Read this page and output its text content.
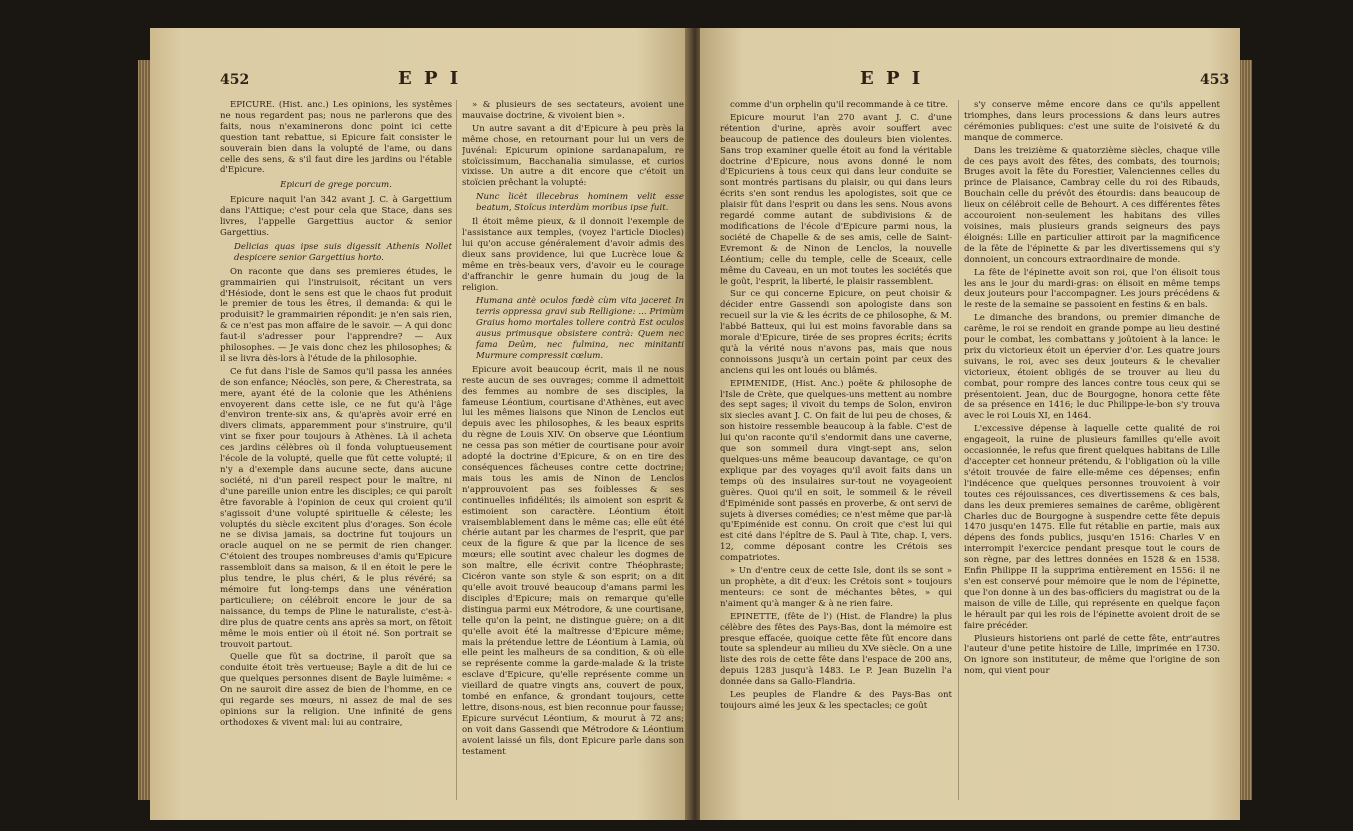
452	E P I

EPICURE. (Hist. anc.) Les opinions, les systêmes ne nous regardent pas; nous ne parlerons que des faits, nous n'examinerons donc point ici cette question tant rebattue, si Epicure fait consister le souverain bien dans la volupté de l'ame, ou dans celle des sens, & s'il faut dire les jardins ou l'étable d'Epicure.

Epicuri de grege porcum.

Epicure naquit l'an 342 avant J. C. à Gargettium dans l'Attique; c'est pour cela que Stace, dans ses livres, l'appelle Gargettius auctor & senior Gargettius.

Delicias quas ipse suis digessit Athenis Nollet despicere senior Gargettius horto.

On raconte que dans ses premieres études, le grammairien qui l'instruisoit, récitant un vers d'Hésiode, dont le sens est que le chaos fut produit le premier de tous les êtres, il demanda: & qui le produisit? le grammairien répondit: je n'en sais rien, & ce n'est pas mon affaire de le savoir. — A qui donc faut-il s'adresser pour l'apprendre? — Aux philosophes. — Je vais donc chez les philosophes; & il se livra dès-lors à l'étude de la philosophie.

Ce fut dans l'isle de Samos qu'il passa les années de son enfance; Néoclès, son pere, & Cherestrata, sa mere, ayant été de la colonie que les Athéniens envoyerent dans cette isle, ce ne fut qu'à l'âge d'environ trente-six ans, & qu'après avoir erré en divers climats, apparemment pour s'instruire, qu'il vint se fixer pour toujours à Athènes. Là il acheta ces jardins célèbres où il fonda voluptueusement l'école de la volupté, quelle que fût cette volupté; il n'y a d'exemple dans aucune secte, dans aucune société, ni d'un pareil respect pour le maître, ni d'une pareille union entre les disciples; ce qui paroît être favorable à l'opinion de ceux qui croient qu'il s'agissoit d'une volupté spirituelle & céleste; les voluptés du siècle excitent plus d'orages. Son école ne se divisa jamais, sa doctrine fut toujours un oracle auquel on ne se permit de rien changer. C'étoient des troupes nombreuses d'amis qu'Epicure rassembloit dans sa maison, & il en étoit le pere le plus tendre, le plus chéri, & le plus révéré; sa mémoire fut long-temps dans une vénération particuliere; on célébroit encore le jour de sa naissance, du temps de Pline le naturaliste, c'est-à-dire plus de quatre cents ans après sa mort, on fêtoit même le mois entier où il étoit né. Son portrait se trouvoit partout.

Quelle que fût sa doctrine, il paroît que sa conduite étoit très vertueuse; Bayle a dit de lui ce que quelques personnes disent de Bayle luimême: « On ne sauroit dire assez de bien de l'homme, en ce qui regarde ses mœurs, ni assez de mal de ses opinions sur la religion. Une infinité de gens orthodoxes & vivent mal: lui au contraire,

» & plusieurs de ses sectateurs, avoient une mauvaise doctrine, & vivoient bien ».

Un autre savant a dit d'Epicure à peu près la même chose, en retournant pour lui un vers de Juvénal: Epicurum opinione sardanapalum, re stoïcissimum, Bacchanalia simulasse, et curios vixisse. Un autre a dit encore que c'étoit un stoïcien prêchant la volupté:

Nunc licèt illecebras hominem velit esse beatum, Stoïcus interdùm moribus ipse fuit.

Il étoit même pieux, & il donnoit l'exemple de l'assistance aux temples, (voyez l'article Diocles) lui qu'on accuse généralement d'avoir admis des dieux sans providence, lui que Lucrèce loue & même en très-beaux vers, d'avoir eu le courage d'affranchir le genre humain du joug de la religion.

Humana antè oculos fœdè cùm vita jaceret In terris oppressa gravi sub Relligione: ... Primùm Graius homo mortales tollere contrà Est oculos ausus primusque obsistere contrà: Quem nec fama Deûm, nec fulmina, nec minitanti Murmure compressit cœlum.

Epicure avoit beaucoup écrit, mais il ne nous reste aucun de ses ouvrages; comme il admettoit des femmes au nombre de ses disciples, la fameuse Léontium, courtisane d'Athènes, eut avec lui les mêmes liaisons que Ninon de Lenclos eut depuis avec les philosophes, & les beaux esprits du règne de Louis XIV. On observe que Léontium ne cessa pas son métier de courtisane pour avoir adopté la doctrine d'Epicure, & on en tire des conséquences fâcheuses contre cette doctrine; mais tous les amis de Ninon de Lenclos n'approuvoient pas ses foiblesses & ses continuelles infidélités; ils aimoient son esprit & estimoient son caractère. Léontium étoit vraisemblablement dans le même cas; elle eût été chérie autant par les charmes de l'esprit, que par ceux de la figure & que par la licence de ses mœurs; elle soutint avec chaleur les dogmes de son maître, elle écrivit contre Théophraste; Cicéron vante son style & son esprit; on a dit qu'elle avoit trouvé beaucoup d'amans parmi les disciples d'Epicure; mais on remarque qu'elle distingua parmi eux Métrodore, & une courtisane, telle qu'on la peint, ne distingue guère; on a dit qu'elle avoit été la maîtresse d'Epicure même; mais la prétendue lettre de Léontium à Lamia, où elle peint les malheurs de sa condition, & où elle se représente comme la garde-malade & la triste esclave d'Epicure, qu'elle représente comme un vieillard de quatre vingts ans, couvert de poux, tombé en enfance, & grondant toujours, cette lettre, disons-nous, est bien reconnue pour fausse; Epicure survécut Léontium, & mourut à 72 ans; on voit dans Gassendi que Métrodore & Léontium avoient laissé un fils, dont Epicure parle dans son testament

E P I	453

comme d'un orphelin qu'il recommande à ce titre.

Epicure mourut l'an 270 avant J. C. d'une rétention d'urine, après avoir souffert avec beaucoup de patience des douleurs bien violentes. Sans trop examiner quelle étoit au fond la véritable doctrine d'Epicure, nous avons donné le nom d'Epicuriens à tous ceux qui dans leur conduite se sont montrés partisans du plaisir, ou qui dans leurs écrits s'en sont rendus les apologistes, soit que ce plaisir fût dans l'esprit ou dans les sens. Nous avons regardé comme autant de subdivisions & de modifications de l'école d'Epicure parmi nous, la société de Chapelle & de ses amis, celle de Saint-Evremont & de Ninon de Lenclos, la nouvelle Léontium; celle du temple, celle de Sceaux, celle même du Caveau, en un mot toutes les sociétés que le goût, l'esprit, la liberté, le plaisir rassemblent.

Sur ce qui concerne Epicure, on peut choisir & décider entre Gassendi son apologiste dans son recueil sur la vie & les écrits de ce philosophe, & M. l'abbé Batteux, qui lui est moins favorable dans sa morale d'Epicure, tirée de ses propres écrits; écrits qu'à la vérité nous n'avons pas, mais que nous connoissons jusqu'à un certain point par ceux des anciens qui les ont loués ou blâmés.

EPIMENIDE, (Hist. Anc.) poëte & philosophe de l'Isle de Crète, que quelques-uns mettent au nombre des sept sages; il vivoit du temps de Solon, environ six siecles avant J. C. On fait de lui peu de choses, & son histoire ressemble beaucoup à la fable. C'est de lui qu'on raconte qu'il s'endormit dans une caverne, que son sommeil dura vingt-sept ans, selon quelques-uns même beaucoup davantage, ce qu'on explique par des voyages qu'il avoit faits dans un temps où des insulaires sur-tout ne voyageoient guères. Quoi qu'il en soit, le sommeil & le réveil d'Epiménide sont passés en proverbe, & ont servi de sujets à diverses comédies; ce n'est même que par-là qu'Epiménide est connu. On croit que c'est lui qui est cité dans l'épître de S. Paul à Tite, chap. I, vers. 12, comme déposant contre les Crétois ses compatriotes.

» Un d'entre ceux de cette Isle, dont ils se sont » un prophète, a dit d'eux: les Crétois sont » toujours menteurs: ce sont de méchantes bêtes, » qui n'aiment qu'à manger & à ne rien faire.

EPINETTE, (fête de l') (Hist. de Flandre) la plus célèbre des fêtes des Pays-Bas, dont la mémoire est presque effacée, quoique cette fête fût encore dans toute sa splendeur au milieu du XVe siècle. On a une liste des rois de cette fête dans l'espace de 200 ans, depuis 1283 jusqu'à 1483. Le P. Jean Buzelin l'a donnée dans sa Gallo-Flandria.

Les peuples de Flandre & des Pays-Bas ont toujours aimé les jeux & les spectacles; ce goût

s'y conserve même encore dans ce qu'ils appellent triomphes, dans leurs processions & dans leurs autres cérémonies publiques: c'est une suite de l'oisiveté & du manque de commerce.

Dans les treizième & quatorzième siècles, chaque ville de ces pays avoit des fêtes, des combats, des tournois; Bruges avoit la fête du Forestier, Valenciennes celles du prince de Plaisance, Cambray celle du roi des Ribauds, Bouchain celle du prévôt des étourdis: dans beaucoup de lieux on célébroit celle de Behourt. A ces différentes fêtes accouroient non-seulement les habitans des villes voisines, mais plusieurs grands seigneurs des pays éloignés: Lille en particulier attiroit par la magnificence de la fête de l'épinette & par les divertissemens qui s'y donnoient, un concours extraordinaire de monde.

La fête de l'épinette avoit son roi, que l'on élisoit tous les ans le jour du mardi-gras: on élisoit en même temps deux jouteurs pour l'accompagner. Les jours précédens & le reste de la semaine se passoient en festins & en bals.

Le dimanche des brandons, ou premier dimanche de carême, le roi se rendoit en grande pompe au lieu destiné pour le combat, les combattans y joûtoient à la lance: le prix du victorieux étoit un épervier d'or. Les quatre jours suivans, le roi, avec ses deux jouteurs & le chevalier victorieux, étoient obligés de se trouver au lieu du combat, pour rompre des lances contre tous ceux qui se présentoient. Jean, duc de Bourgogne, honora cette fête de sa présence en 1416; le duc Philippe-le-bon s'y trouva avec le roi Louis XI, en 1464.

L'excessive dépense à laquelle cette qualité de roi engageoit, la ruine de plusieurs familles qu'elle avoit occasionnée, le refus que firent quelques habitans de Lille d'accepter cet honneur prétendu, & l'obligation où la ville s'étoit trouvée de faire elle-même ces dépenses; enfin l'indécence que quelques personnes trouvoient à voir toutes ces réjouissances, ces divertissemens & ces bals, dans les deux premieres semaines de carême, obligèrent Charles duc de Bourgogne à suspendre cette fête depuis 1470 jusqu'en 1475. Elle fut rétablie en partie, mais aux dépens des fonds publics, jusqu'en 1516: Charles V en interrompit l'exercice pendant presque tout le cours de son règne, par des lettres données en 1528 & en 1538. Enfin Philippe II la supprima entièrement en 1556: il ne s'en est conservé pour mémoire que le nom de l'épinette, que l'on donne à un des bas-officiers du magistrat ou de la maison de ville de Lille, qui représente en quelque façon le hérault par qui les rois de l'épinette avoient droit de se faire précéder.

Plusieurs historiens ont parlé de cette fête, entr'autres l'auteur d'une petite histoire de Lille, imprimée en 1730. On ignore son instituteur, de même que l'origine de son nom, qui vient pour
